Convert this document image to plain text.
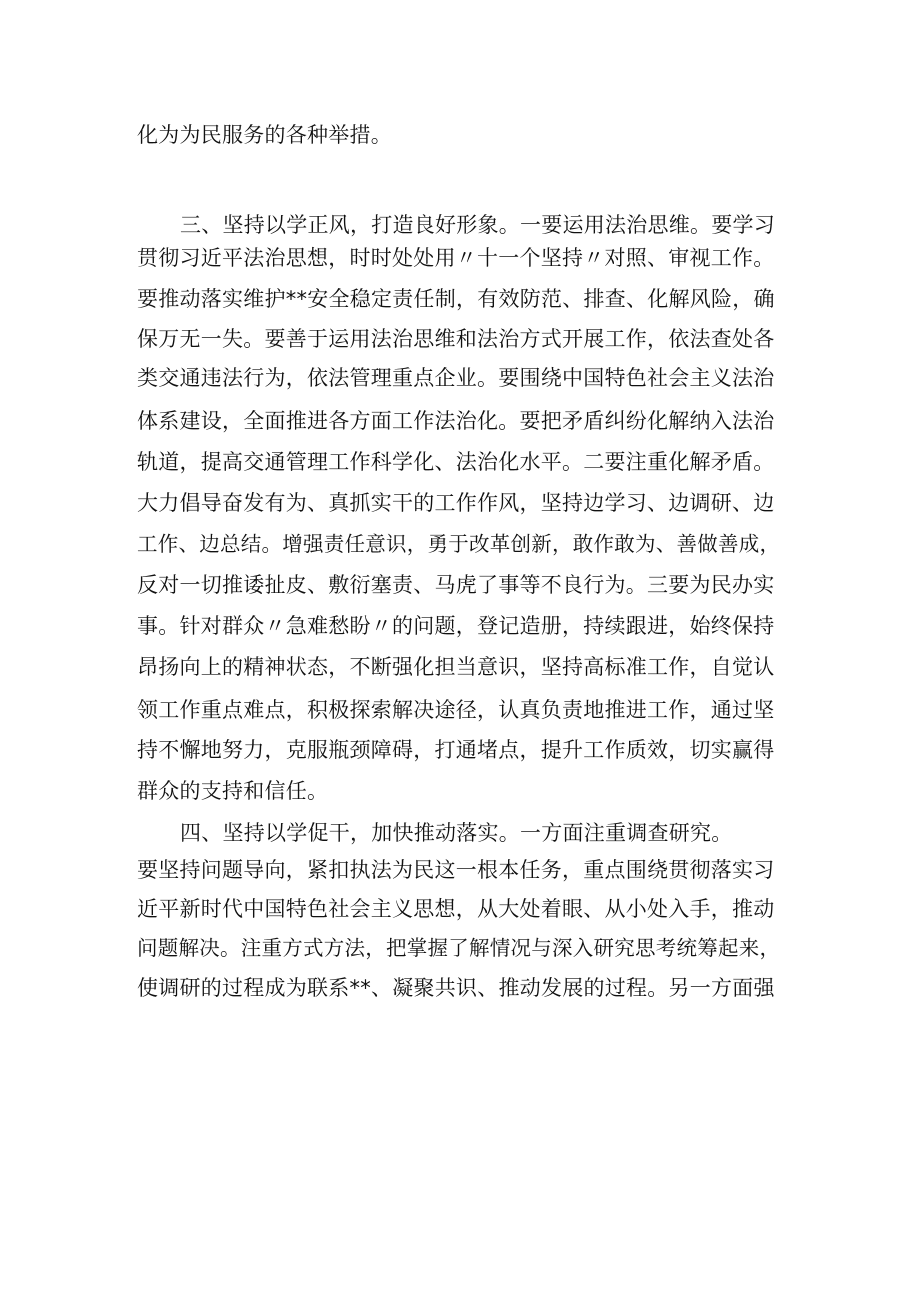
化为为民服务的各种举措。

三、坚持以学正风，打造良好形象。一要运用法治思维。要学习

贯彻习近平法治思想，时时处处用〃十一个坚持〃对照、审视工作。

要推动落实维护**安全稳定责任制，有效防范、排查、化解风险，确

保万无一失。要善于运用法治思维和法治方式开展工作，依法查处各

类交通违法行为，依法管理重点企业。要围绕中国特色社会主义法治

体系建设，全面推进各方面工作法治化。要把矛盾纠纷化解纳入法治

轨道，提高交通管理工作科学化、法治化水平。二要注重化解矛盾。

大力倡导奋发有为、真抓实干的工作作风，坚持边学习、边调研、边

工作、边总结。增强责任意识，勇于改革创新，敢作敢为、善做善成，

反对一切推诿扯皮、敷衍塞责、马虎了事等不良行为。三要为民办实

事。针对群众〃急难愁盼〃的问题，登记造册，持续跟进，始终保持

昂扬向上的精神状态，不断强化担当意识，坚持高标准工作，自觉认

领工作重点难点，积极探索解决途径，认真负责地推进工作，通过坚

持不懈地努力，克服瓶颈障碍，打通堵点，提升工作质效，切实赢得

群众的支持和信任。

四、坚持以学促干，加快推动落实。一方面注重调查研究。

要坚持问题导向，紧扣执法为民这一根本任务，重点围绕贯彻落实习

近平新时代中国特色社会主义思想，从大处着眼、从小处入手，推动

问题解决。注重方式方法，把掌握了解情况与深入研究思考统筹起来，

使调研的过程成为联系**、凝聚共识、推动发展的过程。另一方面强
